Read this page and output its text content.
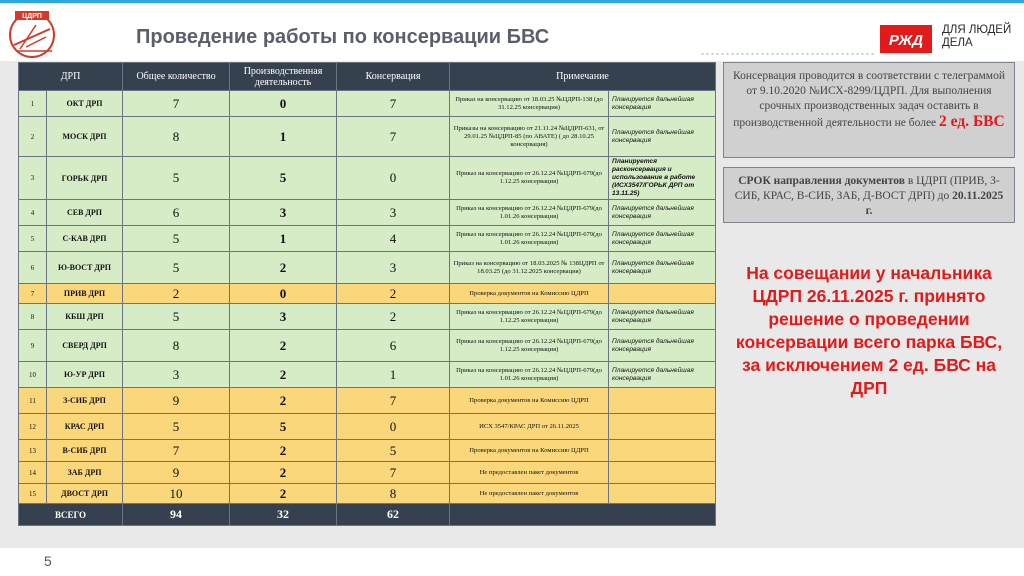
ЦДРП
Проведение работы по консервации БВС	РЖД
ДЛЯ ЛЮДЕЙ
ДЕЛА
ДРП		Общее количество	Производственная деятельность	Консервация	Примечание	
1	ОКТ ДРП	7	0	7	Приказ на консервацию от 18.03.25 №ЦДРП-138 (до 31.12.25 консервация)	Планируется дальнейшая консервация
2	МОСК ДРП	8	1	7	Приказы на консервацию от 21.11.24 №ЦДРП-631, от 29.01.25 №ЦДРП-85 (по АВАТЕ) ( до 28.10.25 консервация)	Планируется дальнейшая консервация
3	ГОРЬК ДРП	5	5	0	Приказ на консервацию от 26.12.24 №ЦДРП-679(до 1.12.25 консервация)	Планируется расконсервация и использование в работе (ИСХ3547/ГОРЬК ДРП от 13.11.25)
4	СЕВ ДРП	6	3	3	Приказ на консервацию от 26.12.24 №ЦДРП-679(до 1.01.26 консервация)	Планируется дальнейшая консервация
5	С-КАВ ДРП	5	1	4	Приказ на консервацию от 26.12.24 №ЦДРП-679(до 1.01.26 консервация)	Планируется дальнейшая консервация
6	Ю-ВОСТ ДРП	5	2	3	Приказ на консервацию от 18.03.2025 № 138ЦДРП от 18.03.25 (до 31.12.2025 консервация)	Планируется дальнейшая консервация
7	ПРИВ ДРП	2	0	2	Проверка документов на Комиссию ЦДРП	
8	КБШ ДРП	5	3	2	Приказ на консервацию от 26.12.24 №ЦДРП-679(до 1.12.25 консервация)	Планируется дальнейшая консервация
9	СВЕРД ДРП	8	2	6	Приказ на консервацию от 26.12.24 №ЦДРП-679(до 1.12.25 консервация)	Планируется дальнейшая консервация
10	Ю-УР ДРП	3	2	1	Приказ на консервацию от 26.12.24 №ЦДРП-679(до 1.01.26 консервация)	Планируется дальнейшая консервация
11	З-СИБ ДРП	9	2	7	Проверка документов на Комиссию ЦДРП	
12	КРАС ДРП	5	5	0	ИСХ 3547/КРАС ДРП от 26.11.2025	
13	В-СИБ ДРП	7	2	5	Проверка документов на Комиссию ЦДРП	
14	ЗАБ ДРП	9	2	7	Не предоставлен пакет документов	
15	ДВОСТ ДРП	10	2	8	Не предоставлен пакет документов	
ВСЕГО		94	32	62		
Консервация проводится в соответствии с телеграммой от 9.10.2020 №ИСХ-8299/ЦДРП. Для выполнения срочных производственных задач оставить в производственной деятельности не более 2 ед. БВС
СРОК направления документов в ЦДРП (ПРИВ, З-СИБ, КРАС, В-СИБ, ЗАБ, Д-ВОСТ ДРП) до 20.11.2025 г.
На совещании у начальника ЦДРП 26.11.2025 г. принято решение о проведении консервации всего парка БВС,
за исключением 2 ед. БВС на ДРП
5
